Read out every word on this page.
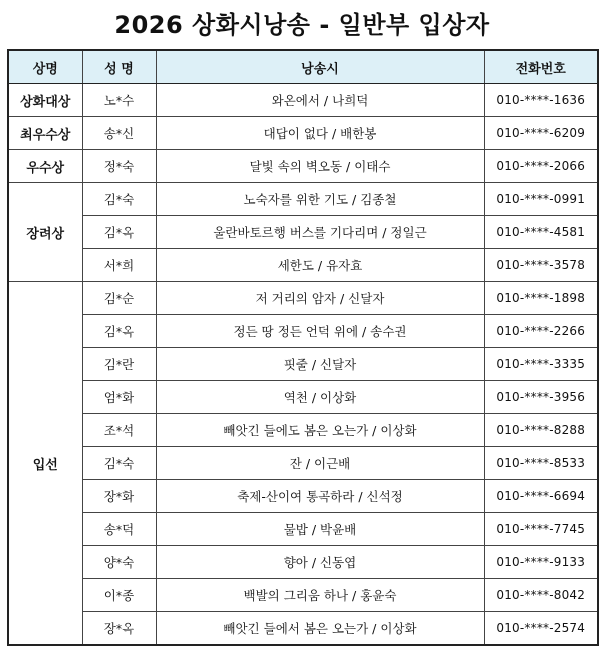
2026 상화시낭송 - 일반부 입상자
상명	성 명	낭송시	전화번호
상화대상	노*수	와온에서 / 나희덕	010-****-1636
최우수상	송*신	대답이 없다 / 배한봉	010-****-6209
우수상	정*숙	달빛 속의 벽오동 / 이태수	010-****-2066
장려상	김*숙	노숙자를 위한 기도 / 김종철	010-****-0991
	김*옥	울란바토르행 버스를 기다리며 / 정일근	010-****-4581
	서*희	세한도 / 유자효	010-****-3578
입선	김*순	저 거리의 암자 / 신달자	010-****-1898
	김*옥	정든 땅 정든 언덕 위에 / 송수권	010-****-2266
	김*란	핏줄 / 신달자	010-****-3335
	엄*화	역천 / 이상화	010-****-3956
	조*석	빼앗긴 들에도 봄은 오는가 / 이상화	010-****-8288
	김*숙	잔 / 이근배	010-****-8533
	장*화	축제-산이여 통곡하라 / 신석정	010-****-6694
	송*덕	물밥 / 박윤배	010-****-7745
	양*숙	향아 / 신동엽	010-****-9133
	이*종	백발의 그리움 하나 / 홍윤숙	010-****-8042
	장*옥	빼앗긴 들에서 봄은 오는가 / 이상화	010-****-2574
